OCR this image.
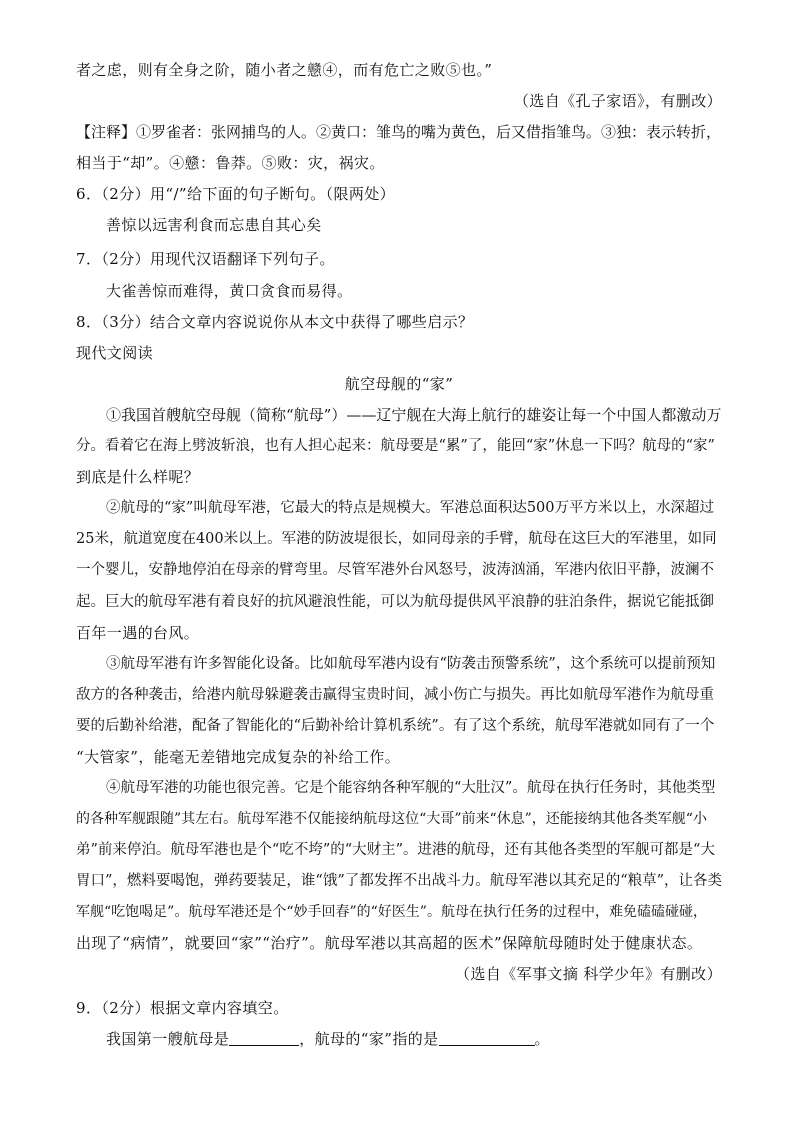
者之虑，则有全身之阶，随小者之戆④，而有危亡之败⑤也。”
（选自《孔子家语》，有删改）
【注释】①罗雀者：张网捕鸟的人。②黄口：雏鸟的嘴为黄色，后又借指雏鸟。③独：表示转折，
相当于“却”。④戆：鲁莽。⑤败：灾，祸灾。
6．（2分）用“/”给下面的句子断句。（限两处）
善惊以远害利食而忘患自其心矣
7．（2分）用现代汉语翻译下列句子。
大雀善惊而难得，黄口贪食而易得。
8．（3分）结合文章内容说说你从本文中获得了哪些启示？
现代文阅读
航空母舰的“家”
①我国首艘航空母舰（简称“航母”）——辽宁舰在大海上航行的雄姿让每一个中国人都激动万
分。看着它在海上劈波斩浪，也有人担心起来：航母要是“累”了，能回“家”休息一下吗？航母的“家”
到底是什么样呢？
②航母的“家”叫航母军港，它最大的特点是规模大。军港总面积达500万平方米以上，水深超过
25米，航道宽度在400米以上。军港的防波堤很长，如同母亲的手臂，航母在这巨大的军港里，如同
一个婴儿，安静地停泊在母亲的臂弯里。尽管军港外台风怒号，波涛汹涌，军港内依旧平静，波澜不
起。巨大的航母军港有着良好的抗风避浪性能，可以为航母提供风平浪静的驻泊条件，据说它能抵御
百年一遇的台风。
③航母军港有许多智能化设备。比如航母军港内设有“防袭击预警系统”，这个系统可以提前预知
敌方的各种袭击，给港内航母躲避袭击赢得宝贵时间，减小伤亡与损失。再比如航母军港作为航母重
要的后勤补给港，配备了智能化的“后勤补给计算机系统”。有了这个系统，航母军港就如同有了一个
“大管家”，能毫无差错地完成复杂的补给工作。
④航母军港的功能也很完善。它是个能容纳各种军舰的“大肚汉”。航母在执行任务时，其他类型
的各种军舰跟随”其左右。航母军港不仅能接纳航母这位“大哥”前来“休息”，还能接纳其他各类军舰“小
弟”前来停泊。航母军港也是个“吃不垮”的“大财主”。进港的航母，还有其他各类型的军舰可都是“大
胃口”，燃料要喝饱，弹药要装足，谁“饿”了都发挥不出战斗力。航母军港以其充足的“粮草”，让各类
军舰“吃饱喝足”。航母军港还是个“妙手回春”的“好医生”。航母在执行任务的过程中，难免磕磕碰碰，
出现了“病情”，就要回“家”“治疗”。航母军港以其高超的医术”保障航母随时处于健康状态。
（选自《军事文摘 科学少年》有删改）
9．（2分）根据文章内容填空。
我国第一艘航母是	，航母的“家”指的是	。
